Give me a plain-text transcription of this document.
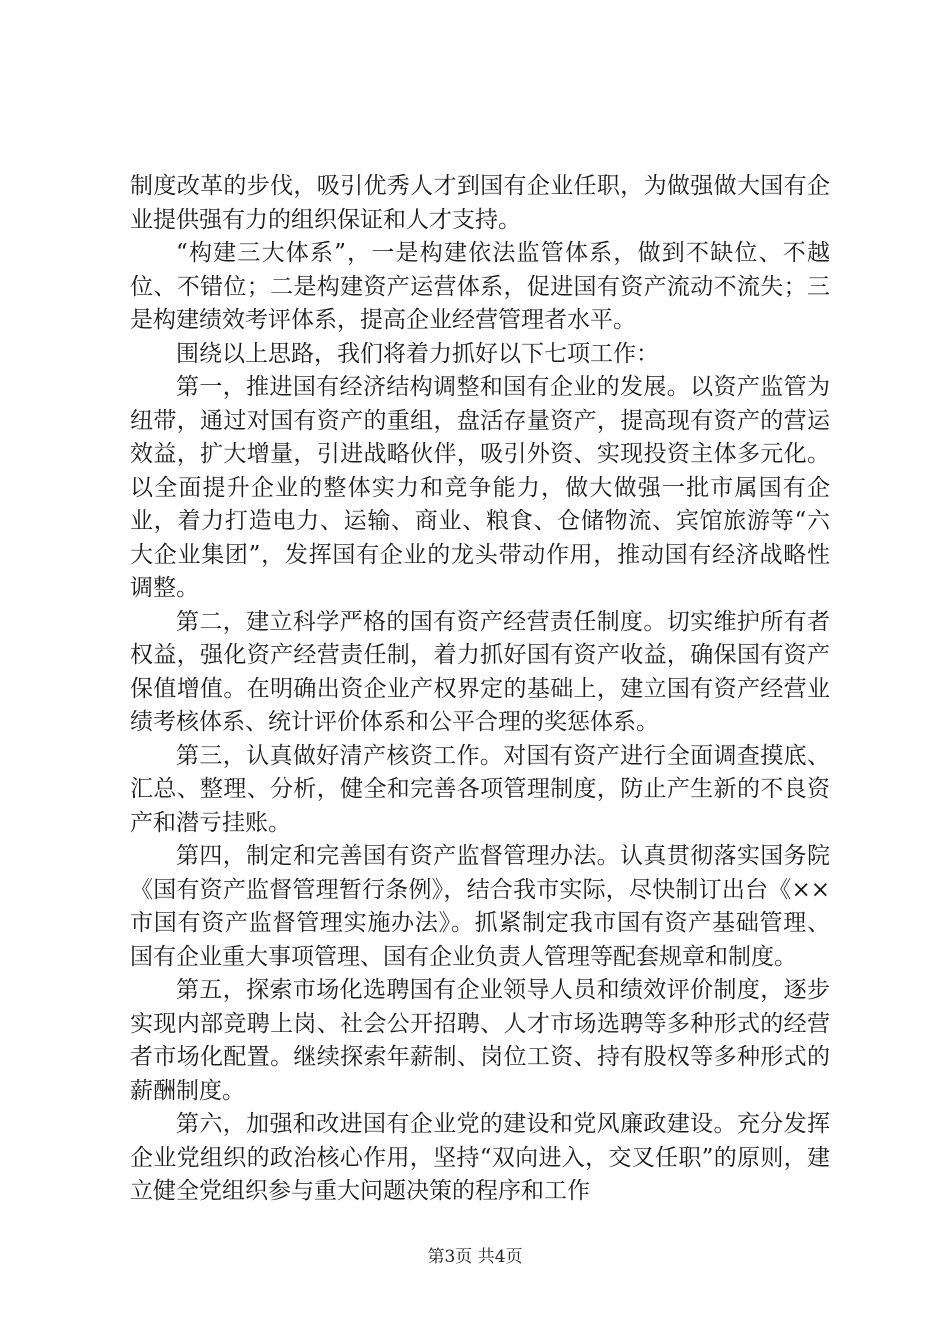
制度改革的步伐，吸引优秀人才到国有企业任职，为做强做大国有企业提供强有力的组织保证和人才支持。

“构建三大体系”，一是构建依法监管体系，做到不缺位、不越位、不错位；二是构建资产运营体系，促进国有资产流动不流失；三是构建绩效考评体系，提高企业经营管理者水平。

围绕以上思路，我们将着力抓好以下七项工作：

第一，推进国有经济结构调整和国有企业的发展。以资产监管为纽带，通过对国有资产的重组，盘活存量资产，提高现有资产的营运效益，扩大增量，引进战略伙伴，吸引外资、实现投资主体多元化。以全面提升企业的整体实力和竞争能力，做大做强一批市属国有企业，着力打造电力、运输、商业、粮食、仓储物流、宾馆旅游等“六大企业集团”，发挥国有企业的龙头带动作用，推动国有经济战略性调整。

第二，建立科学严格的国有资产经营责任制度。切实维护所有者权益，强化资产经营责任制，着力抓好国有资产收益，确保国有资产保值增值。在明确出资企业产权界定的基础上，建立国有资产经营业绩考核体系、统计评价体系和公平合理的奖惩体系。

第三，认真做好清产核资工作。对国有资产进行全面调查摸底、汇总、整理、分析，健全和完善各项管理制度，防止产生新的不良资产和潜亏挂账。

第四，制定和完善国有资产监督管理办法。认真贯彻落实国务院《国有资产监督管理暂行条例》，结合我市实际，尽快制订出台《××市国有资产监督管理实施办法》。抓紧制定我市国有资产基础管理、国有企业重大事项管理、国有企业负责人管理等配套规章和制度。

第五，探索市场化选聘国有企业领导人员和绩效评价制度，逐步实现内部竞聘上岗、社会公开招聘、人才市场选聘等多种形式的经营者市场化配置。继续探索年薪制、岗位工资、持有股权等多种形式的薪酬制度。

第六，加强和改进国有企业党的建设和党风廉政建设。充分发挥企业党组织的政治核心作用，坚持“双向进入，交叉任职”的原则，建立健全党组织参与重大问题决策的程序和工作

第3页 共4页
